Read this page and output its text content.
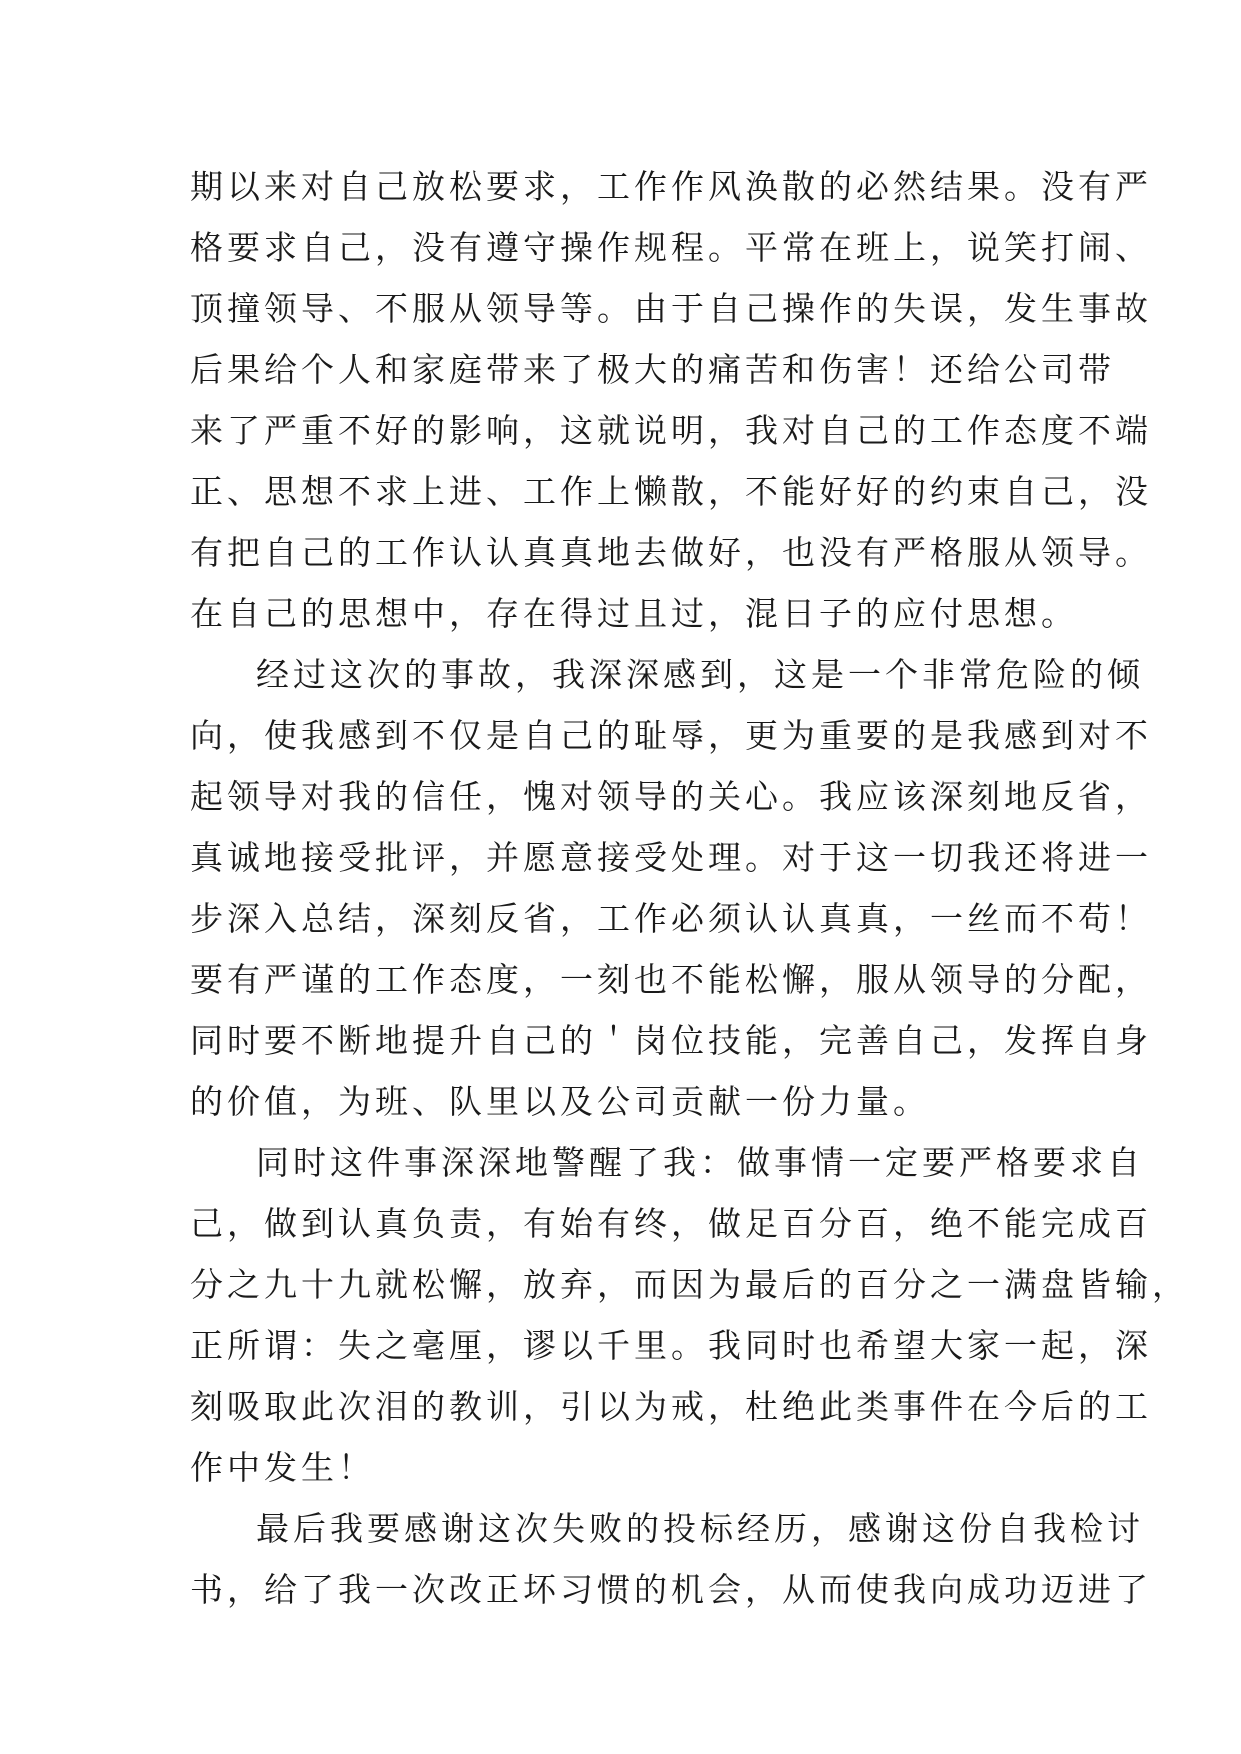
期以来对自己放松要求，工作作风涣散的必然结果。没有严
格要求自己，没有遵守操作规程。平常在班上，说笑打闹、
顶撞领导、不服从领导等。由于自己操作的失误，发生事故
后果给个人和家庭带来了极大的痛苦和伤害！还给公司带
来了严重不好的影响，这就说明，我对自己的工作态度不端
正、思想不求上进、工作上懒散，不能好好的约束自己，没
有把自己的工作认认真真地去做好，也没有严格服从领导。
在自己的思想中，存在得过且过，混日子的应付思想。
经过这次的事故，我深深感到，这是一个非常危险的倾
向，使我感到不仅是自己的耻辱，更为重要的是我感到对不
起领导对我的信任，愧对领导的关心。我应该深刻地反省，
真诚地接受批评，并愿意接受处理。对于这一切我还将进一
步深入总结，深刻反省，工作必须认认真真，一丝而不苟！
要有严谨的工作态度，一刻也不能松懈，服从领导的分配，
同时要不断地提升自己的＇岗位技能，完善自己，发挥自身
的价值，为班、队里以及公司贡献一份力量。
同时这件事深深地警醒了我：做事情一定要严格要求自
己，做到认真负责，有始有终，做足百分百，绝不能完成百
分之九十九就松懈，放弃，而因为最后的百分之一满盘皆输，
正所谓：失之毫厘，谬以千里。我同时也希望大家一起，深
刻吸取此次泪的教训，引以为戒，杜绝此类事件在今后的工
作中发生！
最后我要感谢这次失败的投标经历，感谢这份自我检讨
书，给了我一次改正坏习惯的机会，从而使我向成功迈进了
